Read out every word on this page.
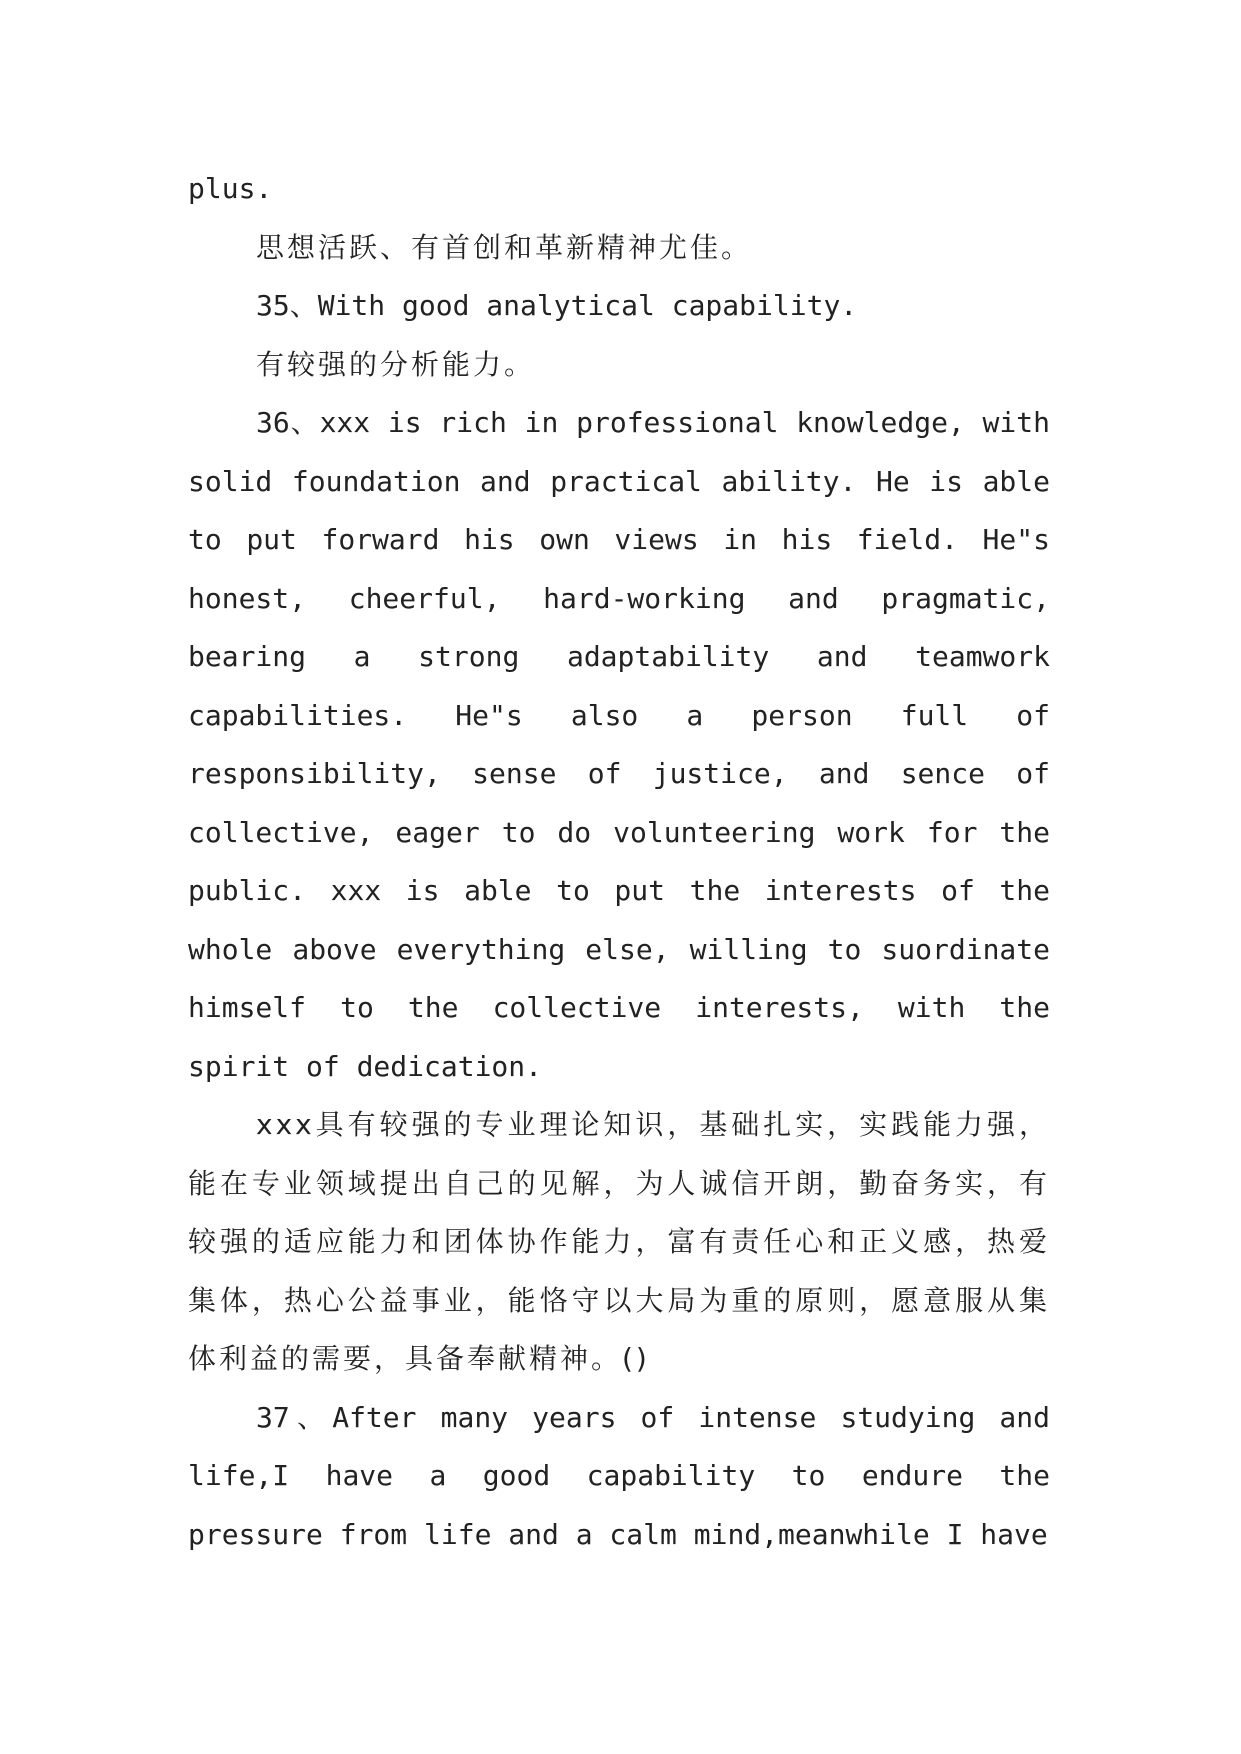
plus.

思想活跃、有首创和革新精神尤佳。

35、With good analytical capability.

有较强的分析能力。

36、xxx is rich in professional knowledge, with solid foundation and practical ability. He is able to put forward his own views in his field. He"s honest, cheerful, hard-working and pragmatic, bearing a strong adaptability and teamwork capabilities. He"s also a person full of responsibility, sense of justice, and sence of collective, eager to do volunteering work for the public. xxx is able to put the interests of the whole above everything else, willing to suordinate himself to the collective interests, with the spirit of dedication.

xxx具有较强的专业理论知识，基础扎实，实践能力强，能在专业领域提出自己的见解，为人诚信开朗，勤奋务实，有较强的适应能力和团体协作能力，富有责任心和正义感，热爱集体，热心公益事业，能恪守以大局为重的原则，愿意服从集体利益的需要，具备奉献精神。()

37、After many years of intense studying and life,I have a good capability to endure the pressure from life and a calm mind,meanwhile I have
